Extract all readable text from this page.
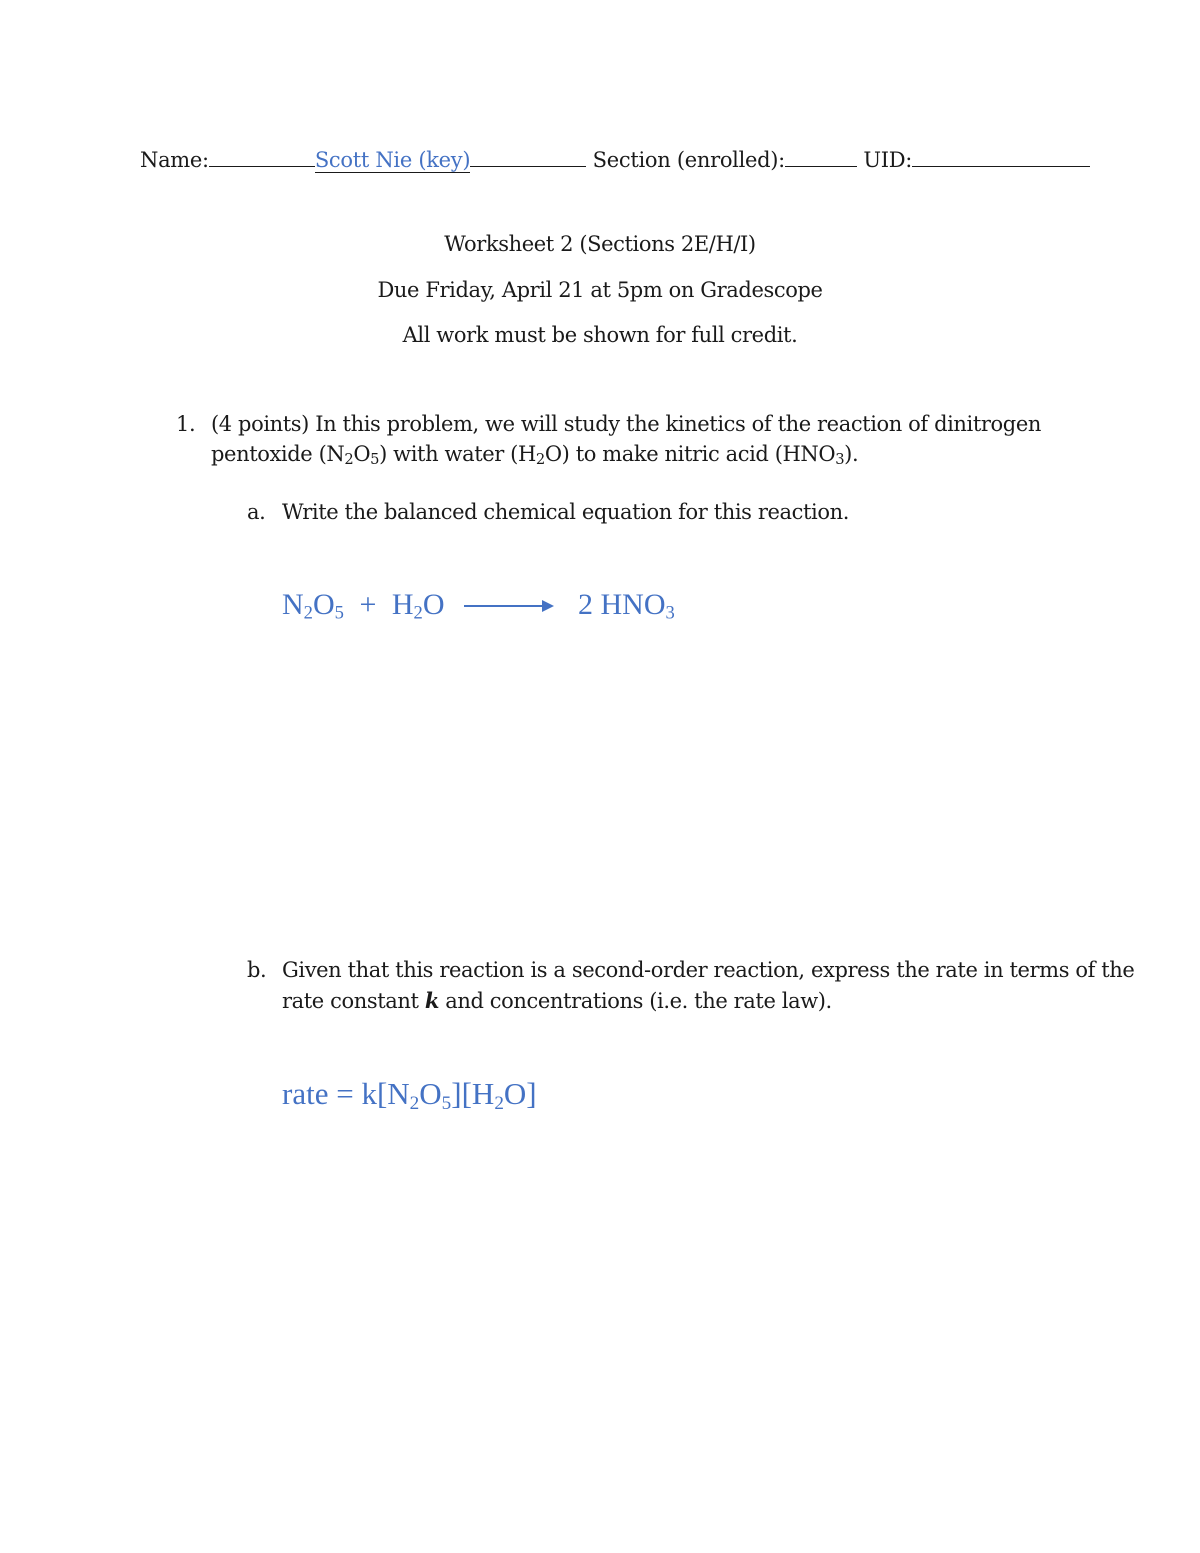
Name:	Scott Nie (key)	Section (enrolled):	UID:
Worksheet 2 (Sections 2E/H/I)
Due Friday, April 21 at 5pm on Gradescope
All work must be shown for full credit.
1. (4 points) In this problem, we will study the kinetics of the reaction of dinitrogen
pentoxide $(N_2O_5)$ with water $(H_2O)$ to make nitric acid $(HNO_3)$.
a. Write the balanced chemical equation for this reaction.
$N_2O_5 + H_2O$	2 $HNO_3$
b. Given that this reaction is a second-order reaction, express the rate in terms of the
rate constant k and concentrations (i.e. the rate law).
rate = $k[N_2O_5][H_2O]$
